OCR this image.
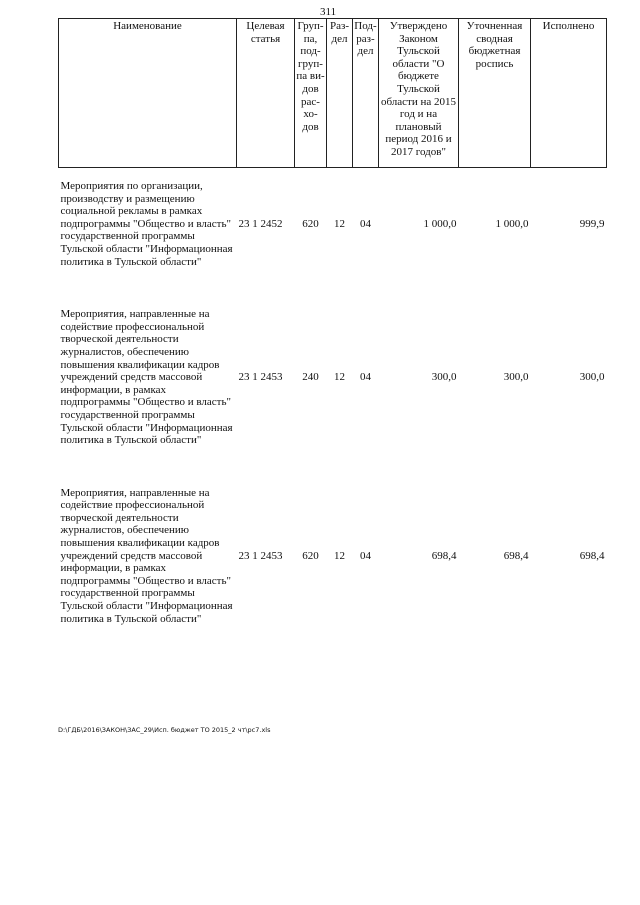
311
Наименование	Целевая статья	Груп-па, под-груп-па ви-дов рас-хо-дов	Раз-дел	Под-раз-дел	Утверждено Законом Тульской области "О бюджете Тульской области на 2015 год и на плановый период 2016 и 2017 годов"	Уточненная сводная бюджетная роспись	Исполнено

Мероприятия по организации, производству и размещению социальной рекламы в рамках подпрограммы "Общество и власть" государственной программы Тульской области "Информационная политика в Тульской области"	23 1 2452	620	12	04	1 000,0	1 000,0	999,9

Мероприятия, направленные на содействие профессиональной творческой деятельности журналистов, обеспечению повышения квалификации кадров учреждений средств массовой информации, в рамках подпрограммы "Общество и власть" государственной программы Тульской области "Информационная политика в Тульской области"	23 1 2453	240	12	04	300,0	300,0	300,0

Мероприятия, направленные на содействие профессиональной творческой деятельности журналистов, обеспечению повышения квалификации кадров учреждений средств массовой информации, в рамках подпрограммы "Общество и власть" государственной программы Тульской области "Информационная политика в Тульской области"	23 1 2453	620	12	04	698,4	698,4	698,4
D:\ГДБ\2016\ЗАКОН\ЗАС_29\Исп. бюджет ТО 2015_2 чт\рс7.xls
